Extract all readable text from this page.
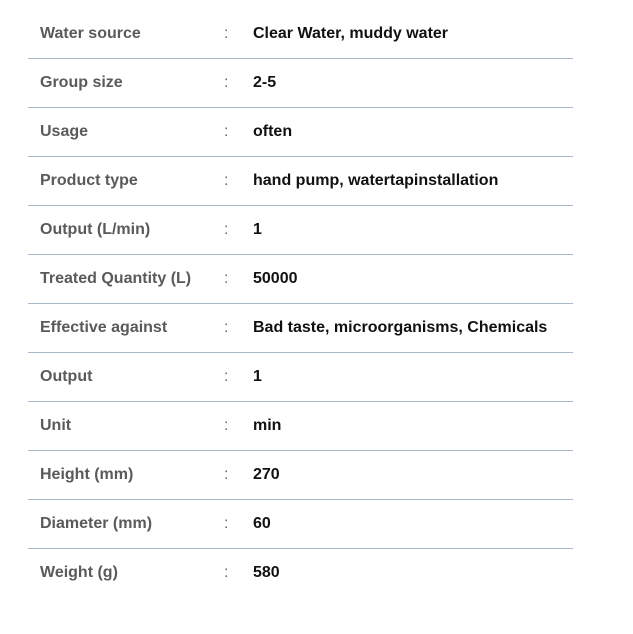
Water source	: Clear Water, muddy water
Group size	: 2-5
Usage	: often
Product type	: hand pump, watertapinstallation
Output (L/min)	: 1
Treated Quantity (L) : 50000
Effective against	: Bad taste, microorganisms, Chemicals
Output	: 1
Unit	: min
Height (mm)	: 270
Diameter (mm)	: 60
Weight (g)	: 580
